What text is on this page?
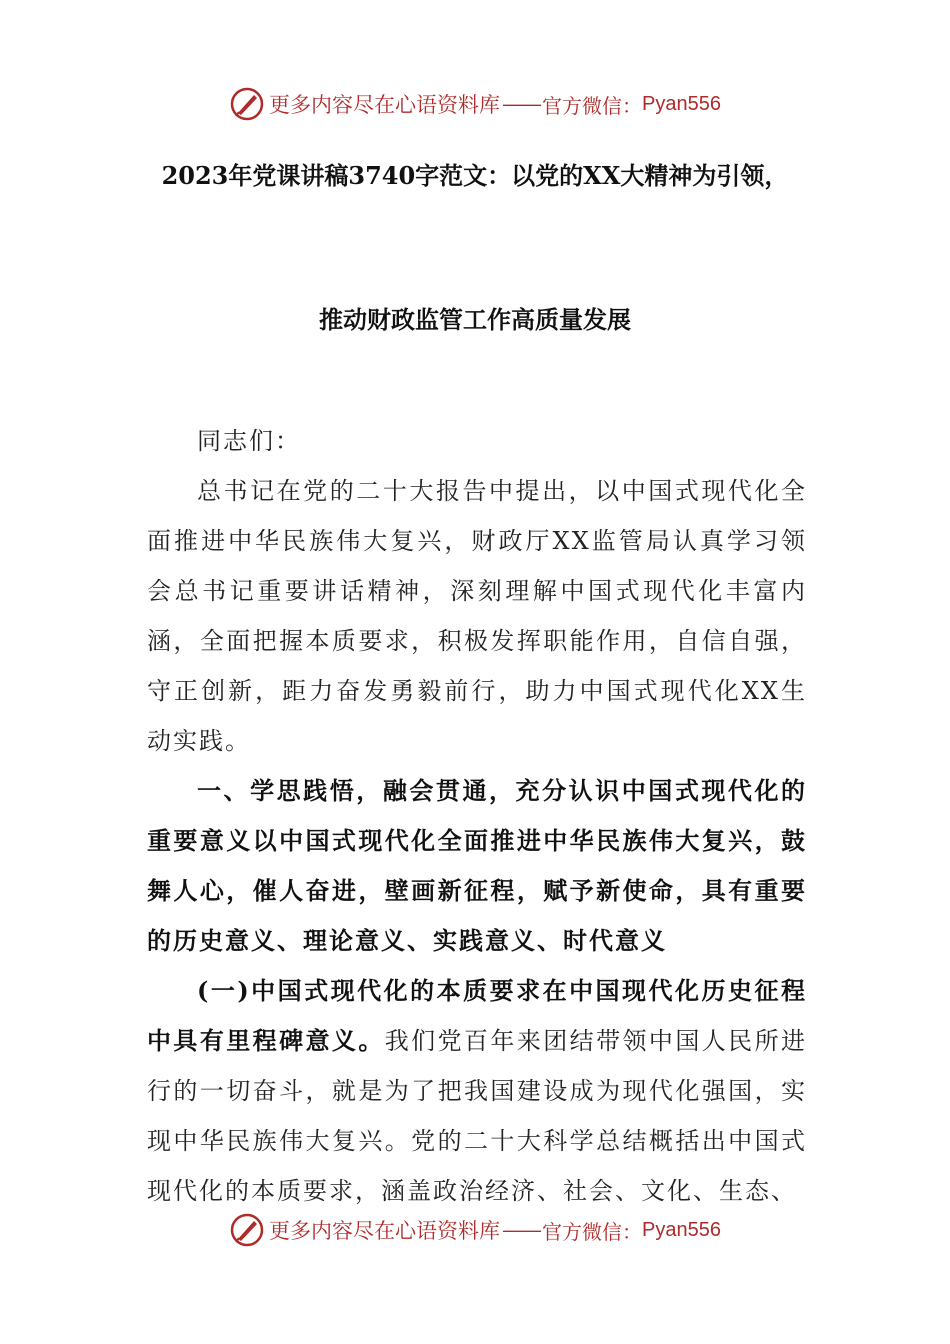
更多内容尽在心语资料库 —— 官方微信： Pyan556
2023年党课讲稿3740字范文：以党的XX大精神为引领，
推动财政监管工作高质量发展

同志们：

总书记在党的二十大报告中提出，以中国式现代化全面推进中华民族伟大复兴，财政厅XX监管局认真学习领会总书记重要讲话精神，深刻理解中国式现代化丰富内涵，全面把握本质要求，积极发挥职能作用，自信自强，守正创新，距力奋发勇毅前行，助力中国式现代化XX生动实践。

一、学思践悟，融会贯通，充分认识中国式现代化的重要意义以中国式现代化全面推进中华民族伟大复兴，鼓舞人心，催人奋进，壁画新征程，赋予新使命，具有重要的历史意义、理论意义、实践意义、时代意义

(一)中国式现代化的本质要求在中国现代化历史征程中具有里程碑意义。我们党百年来团结带领中国人民所进行的一切奋斗，就是为了把我国建设成为现代化强国，实现中华民族伟大复兴。党的二十大科学总结概括出中国式现代化的本质要求，涵盖政治经济、社会、文化、生态、

更多内容尽在心语资料库 —— 官方微信： Pyan556
